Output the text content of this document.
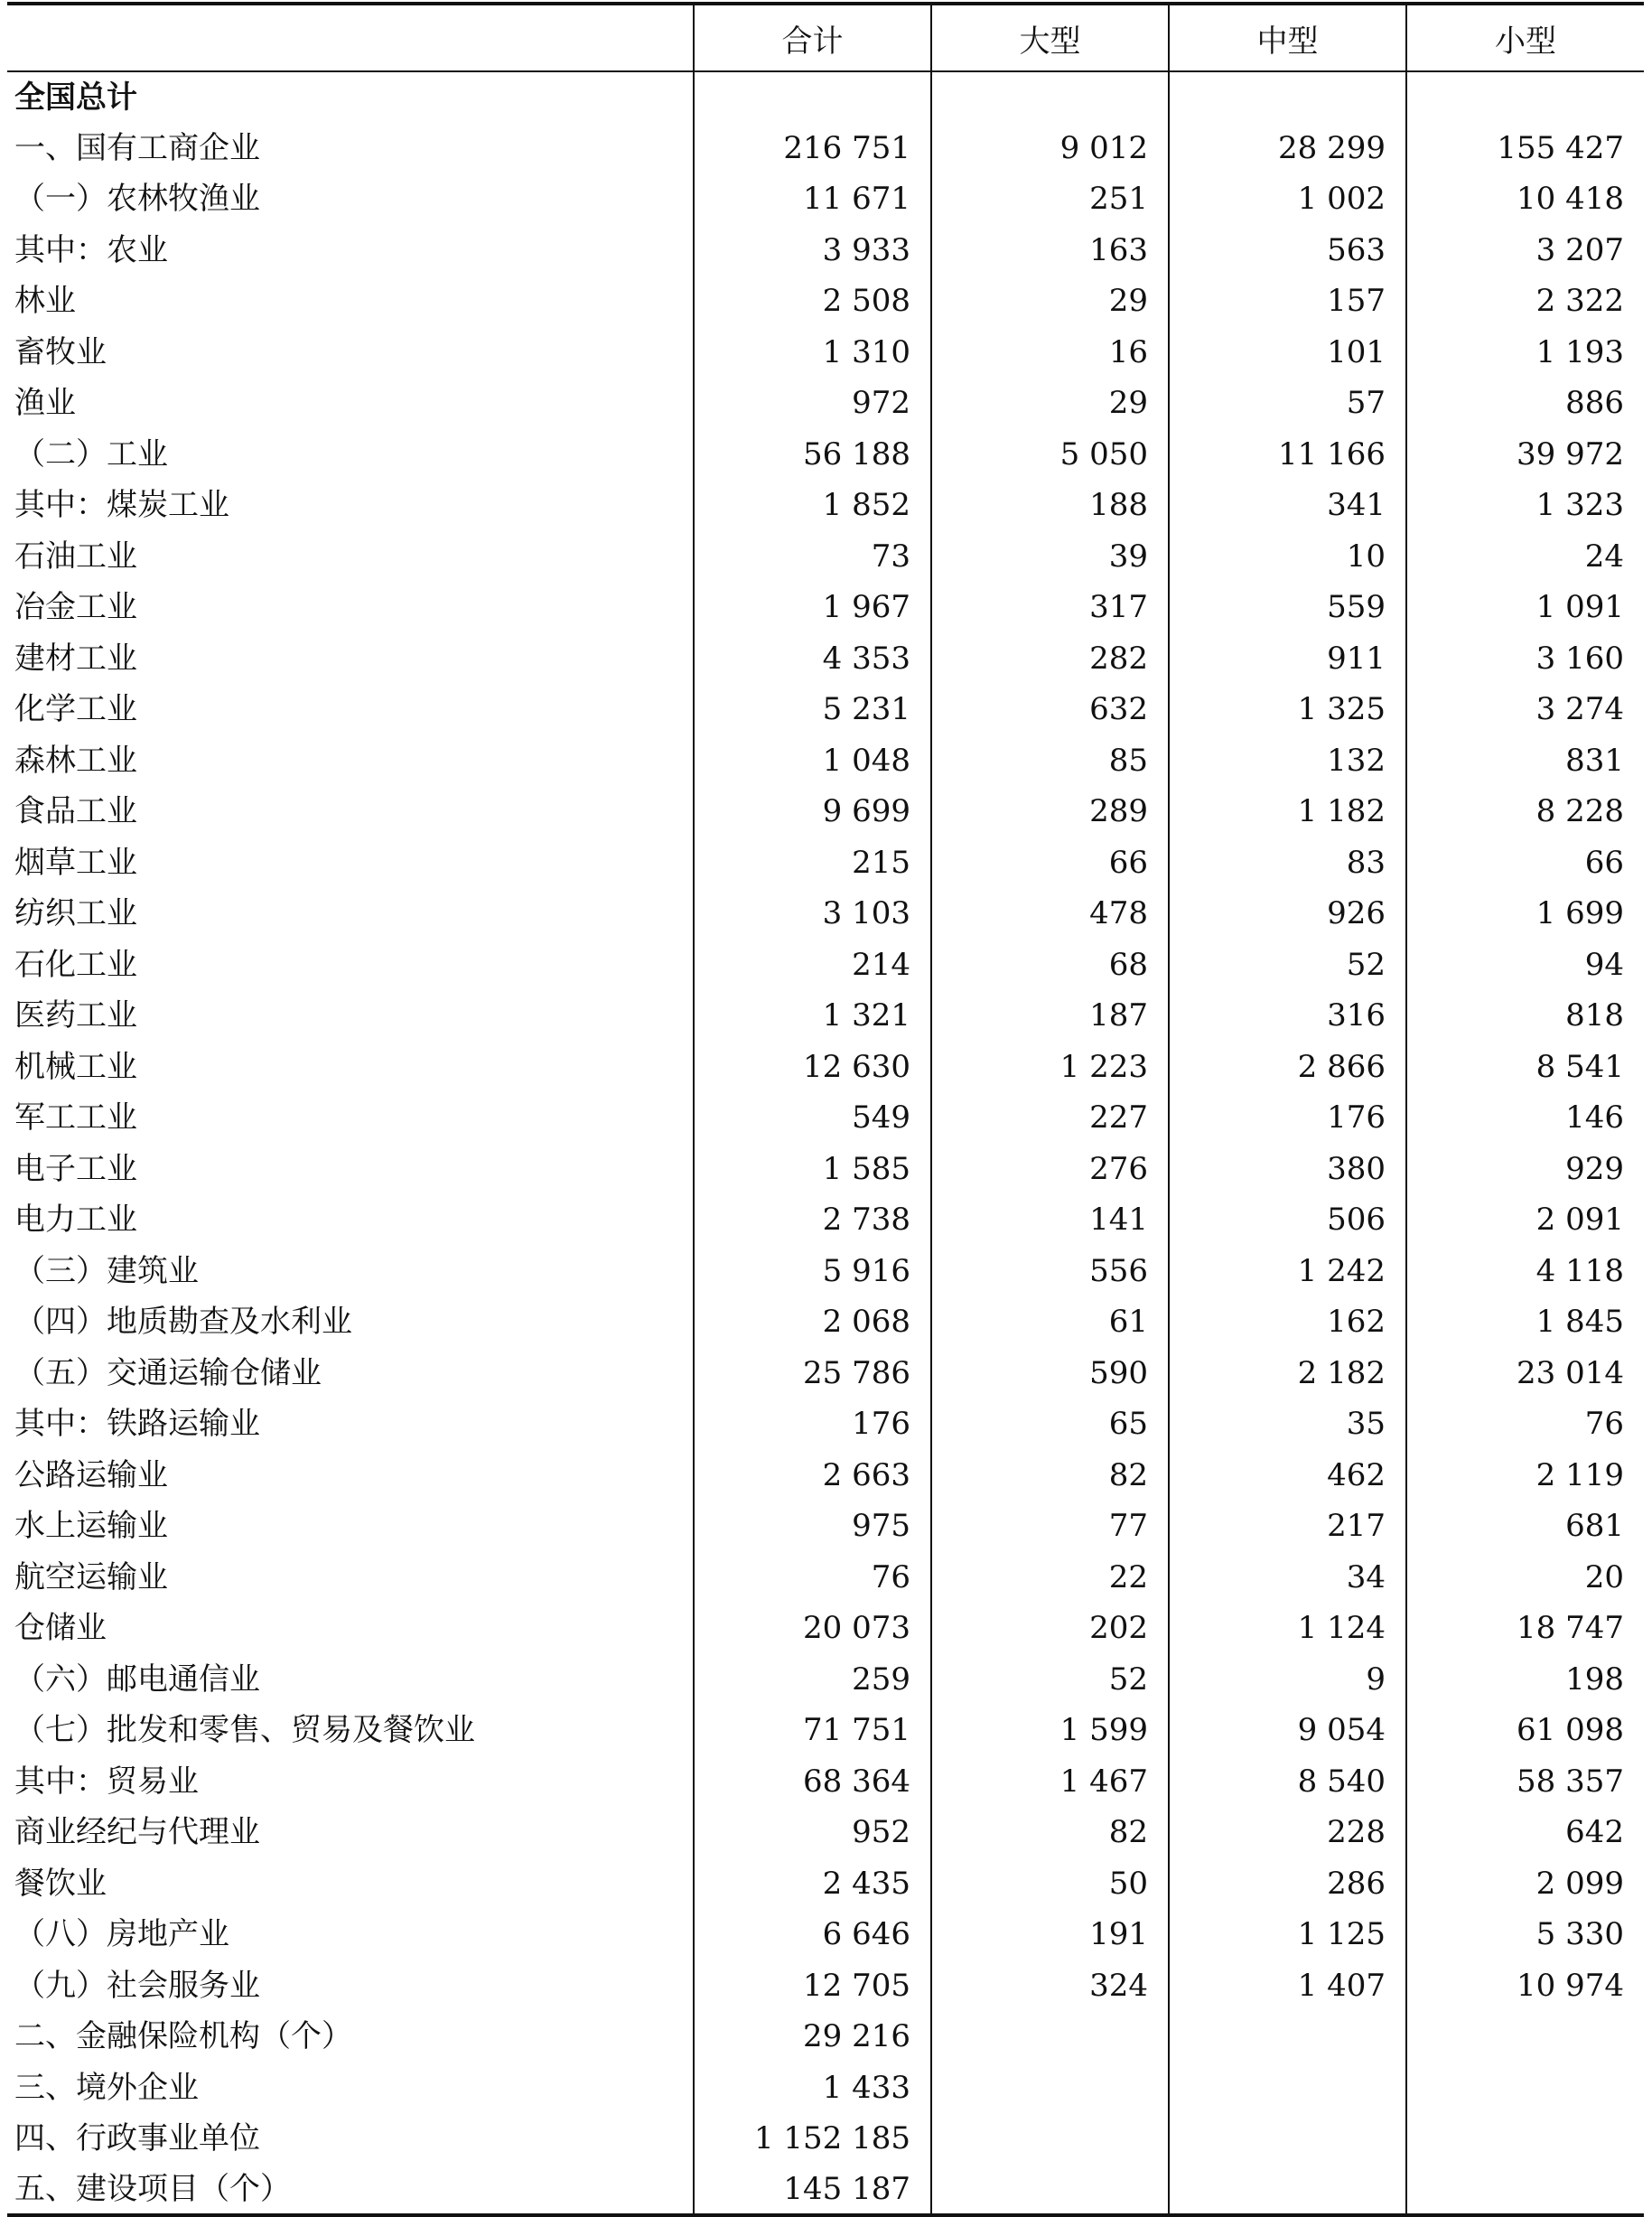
	合计	大型	中型	小型
全国总计				
一、国有工商企业	216 751	9 012	28 299	155 427
（一）农林牧渔业	11 671	251	1 002	10 418
其中：农业	3 933	163	563	3 207
林业	2 508	29	157	2 322
畜牧业	1 310	16	101	1 193
渔业	972	29	57	886
（二）工业	56 188	5 050	11 166	39 972
其中：煤炭工业	1 852	188	341	1 323
石油工业	73	39	10	24
冶金工业	1 967	317	559	1 091
建材工业	4 353	282	911	3 160
化学工业	5 231	632	1 325	3 274
森林工业	1 048	85	132	831
食品工业	9 699	289	1 182	8 228
烟草工业	215	66	83	66
纺织工业	3 103	478	926	1 699
石化工业	214	68	52	94
医药工业	1 321	187	316	818
机械工业	12 630	1 223	2 866	8 541
军工工业	549	227	176	146
电子工业	1 585	276	380	929
电力工业	2 738	141	506	2 091
（三）建筑业	5 916	556	1 242	4 118
（四）地质勘查及水利业	2 068	61	162	1 845
（五）交通运输仓储业	25 786	590	2 182	23 014
其中：铁路运输业	176	65	35	76
公路运输业	2 663	82	462	2 119
水上运输业	975	77	217	681
航空运输业	76	22	34	20
仓储业	20 073	202	1 124	18 747
（六）邮电通信业	259	52	9	198
（七）批发和零售、贸易及餐饮业	71 751	1 599	9 054	61 098
其中：贸易业	68 364	1 467	8 540	58 357
商业经纪与代理业	952	82	228	642
餐饮业	2 435	50	286	2 099
（八）房地产业	6 646	191	1 125	5 330
（九）社会服务业	12 705	324	1 407	10 974
二、金融保险机构（个）	29 216			
三、境外企业	1 433			
四、行政事业单位	1 152 185			
五、建设项目（个）	145 187			
